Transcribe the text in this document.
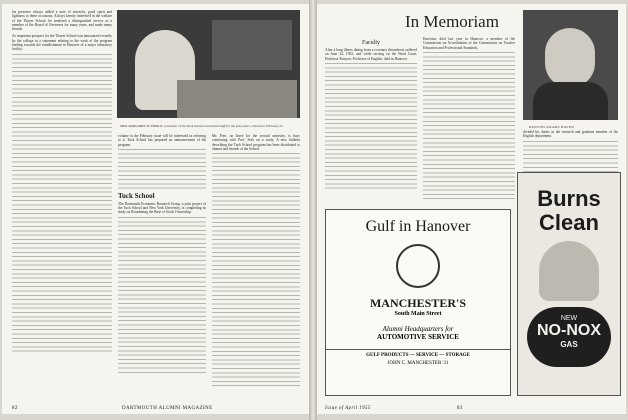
his presence always added a note of sincerity, good spirit and lightness to these occasions. Always keenly interested in the welfare of the Thayer School, he rendered a distinguished service as a member of the Board of Overseers for many years, and made many friends.

As important prospect for the Thayer School was announced recently by the college in a statement relating to the work of the program leading towards the establishment in Hanover of a major laboratory facility.

MISS MARGARET H. PIERCE, a member of the Tuck School secretarial staff for the past years, retired on February 25.

volume in the February issue will be interested in referring to it. Tuck School has prepared an announcement of the program.

Tuck School

The Dartmouth Economic Research Group, a joint project of the Tuck School and New York University, is completing its study on Broadening the Base of Stock Ownership.

Mr. Free, on leave for the second semester, is busy continuing with Prof. Seth on a study. A new bulletin describing the Tuck School program has been distributed to alumni and friends of the School.

82	DARTMOUTH ALUMNI MAGAZINE
In Memoriam
Faculty

After a long illness dating from a coronary thrombosis suffered on June 24, 1952, and while serving on the Ward Coast, Professor Kenyon, Professor of English, died in Hanover.

Emeritus, died last year in Hanover, a member of the Commission on Accreditation of the Commission on Teacher Education and Professional Standards.

KENYON ADAMS HAVEN

divided his duties as the research and graduate member of the English department.

Gulf in Hanover
MANCHESTER'S
South Main Street
Alumni Headquarters for
AUTOMOTIVE SERVICE
GULF PRODUCTS — SERVICE — STORAGE
JOHN C. MANCHESTER '31
Burns
Clean
NEW
NO-NOX
GAS
Issue of April 1955	83
